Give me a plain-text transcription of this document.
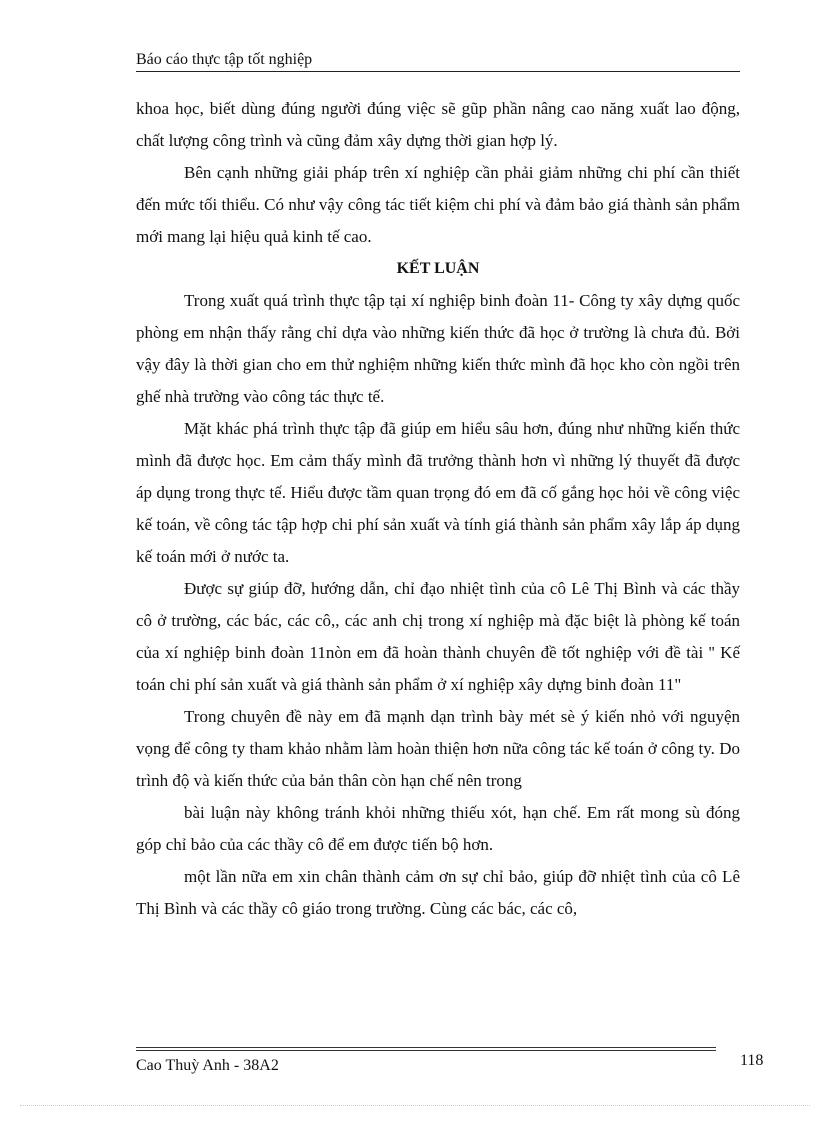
Báo cáo thực tập tốt nghiệp

khoa học, biết dùng đúng người đúng việc sẽ gũp phần nâng cao năng xuất lao động, chất lượng công trình và cũng đảm xây dựng thời gian hợp lý.

Bên cạnh những giải pháp trên xí nghiệp cần phải giảm những chi phí cần thiết đến mức tối thiểu. Có như vậy công tác tiết kiệm chi phí và đảm bảo giá thành sản phẩm mới mang lại hiệu quả kinh tế cao.

KẾT LUẬN

Trong xuất quá trình thực tập tại xí nghiệp binh đoàn 11- Công ty xây dựng quốc phòng em nhận thấy rằng chỉ dựa vào những kiến thức đã học ở trường là chưa đủ. Bởi vậy đây là thời gian cho em thử nghiệm những kiến thức mình đã học kho còn ngồi trên ghế nhà trường vào công tác thực tế.

Mặt khác phá trình thực tập đã giúp em hiểu sâu hơn, đúng như những kiến thức mình đã được học. Em cảm thấy mình đã trưởng thành hơn vì những lý thuyết đã được áp dụng trong thực tế. Hiểu được tầm quan trọng đó em đã cố gắng học hỏi về công việc kế toán, về công tác tập hợp chi phí sản xuất và tính giá thành sản phẩm xây lắp áp dụng kế toán mới ở nước ta.

Được sự giúp đỡ, hướng dẫn, chỉ đạo nhiệt tình của cô Lê Thị Bình và các thầy cô ở trường, các bác, các cô,, các anh chị trong xí nghiệp mà đặc biệt là phòng kế toán của xí nghiệp binh đoàn 11nòn em đã hoàn thành chuyên đề tốt nghiệp với đề tài '' Kế toán chi phí sản xuất và giá thành sản phẩm ở xí nghiệp xây dựng binh đoàn 11"

Trong chuyên đề này em đã mạnh dạn trình bày mét sè ý kiến nhỏ với nguyện vọng để công ty tham khảo nhằm làm hoàn thiện hơn nữa công tác kế toán ở công ty. Do trình độ và kiến thức của bản thân còn hạn chế nên trong

bài luận này không tránh khỏi những thiếu xót, hạn chế. Em rất mong sù đóng góp chỉ bảo của các thầy cô để em được tiến bộ hơn.

một lần nữa em xin chân thành cảm ơn sự chỉ bảo, giúp đỡ nhiệt tình của cô Lê Thị Bình và các thầy cô giáo trong trường. Cùng các bác, các cô,

Cao Thuỳ Anh - 38A2	118
